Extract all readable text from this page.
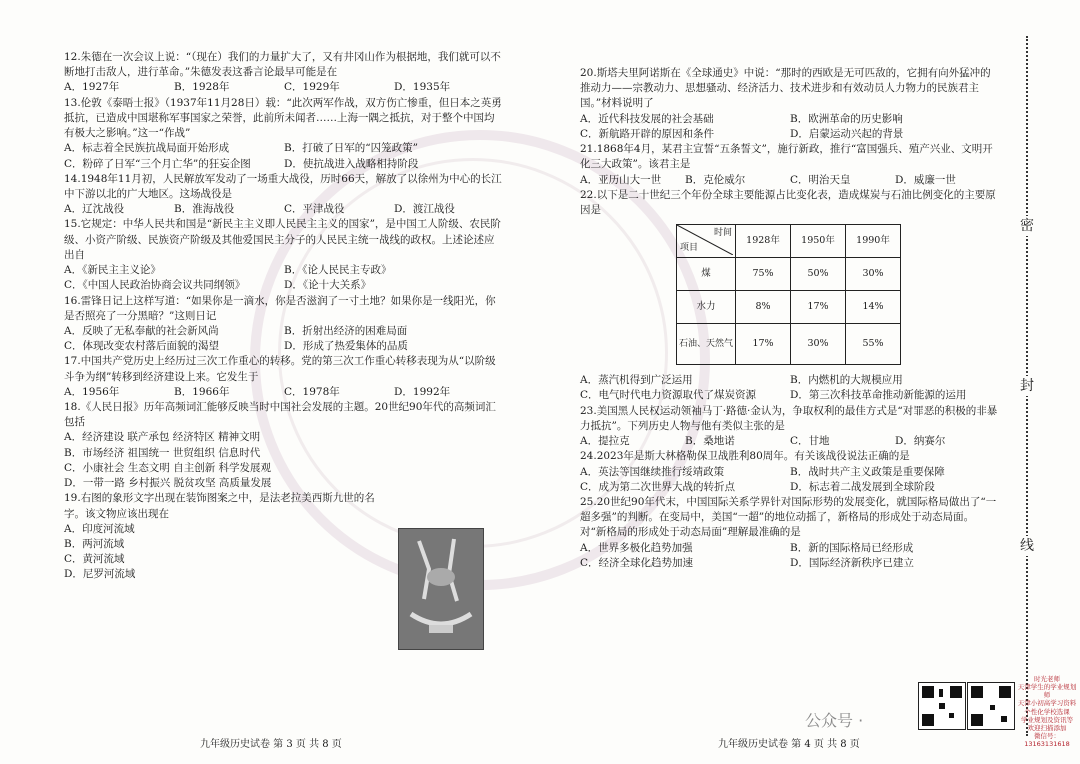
12.朱德在一次会议上说：“（现在）我们的力量扩大了，又有井冈山作为根据地，我们就可以不断地打击敌人，进行革命。”朱德发表这番言论最早可能是在

A．1927年	B．1928年	C．1929年	D．1935年

13.伦敦《泰晤士报》（1937年11月28日）载：“此次两军作战，双方伤亡惨重，但日本之英勇抵抗，已造成中国堪称军事国家之荣誉，此前所未闻者……上海一隅之抵抗，对于整个中国均有极大之影响。”这一“作战”

A．标志着全民族抗战局面开始形成	B．打破了日军的“囚笼政策”
C．粉碎了日军“三个月亡华”的狂妄企图	D．使抗战进入战略相持阶段

14.1948年11月初，人民解放军发动了一场重大战役，历时66天，解放了以徐州为中心的长江中下游以北的广大地区。这场战役是

A．辽沈战役	B．淮海战役	C．平津战役	D．渡江战役

15.它规定：中华人民共和国是“新民主主义即人民民主主义的国家”，是中国工人阶级、农民阶级、小资产阶级、民族资产阶级及其他爱国民主分子的人民民主统一战线的政权。上述论述应出自

A．《新民主主义论》	B．《论人民民主专政》
C．《中国人民政治协商会议共同纲领》	D．《论十大关系》

16.雷锋日记上这样写道：“如果你是一滴水，你是否滋润了一寸土地？如果你是一线阳光，你是否照亮了一分黑暗？”这则日记

A．反映了无私奉献的社会新风尚	B．折射出经济的困难局面
C．体现改变农村落后面貌的渴望	D．形成了热爱集体的品质

17.中国共产党历史上经历过三次工作重心的转移。党的第三次工作重心转移表现为从“以阶级斗争为纲”转移到经济建设上来。它发生于

A．1956年	B．1966年	C．1978年	D．1992年

18.《人民日报》历年高频词汇能够反映当时中国社会发展的主题。20世纪90年代的高频词汇包括

A．经济建设 联产承包 经济特区 精神文明
B．市场经济 祖国统一 世贸组织 信息时代
C．小康社会 生态文明 自主创新 科学发展观
D．一带一路 乡村振兴 脱贫攻坚 高质量发展

19.右图的象形文字出现在装饰图案之中，是法老拉美西斯九世的名字。该文物应该出现在

A．印度河流域
B．两河流域
C．黄河流域
D．尼罗河流域

20.斯塔夫里阿诺斯在《全球通史》中说：“那时的西欧是无可匹敌的，它拥有向外猛冲的推动力——宗教动力、思想骚动、经济活力、技术进步和有效动员人力物力的民族君主国。”材料说明了

A．近代科技发展的社会基础	B．欧洲革命的历史影响
C．新航路开辟的原因和条件	D．启蒙运动兴起的背景

21.1868年4月，某君主宣誓“五条誓文”，施行新政，推行“富国强兵、殖产兴业、文明开化三大政策”。该君主是

A．亚历山大一世	B．克伦威尔	C．明治天皇	D．威廉一世

22.以下是二十世纪三个年份全球主要能源占比变化表，造成煤炭与石油比例变化的主要原因是

时间
项目	1928年	1950年	1990年
煤	75%	50%	30%
水力	8%	17%	14%
石油、天然气	17%	30%	55%
A．蒸汽机得到广泛运用	B．内燃机的大规模应用
C．电气时代电力资源取代了煤炭资源	D．第三次科技革命推动新能源的运用

23.美国黑人民权运动领袖马丁·路德·金认为，争取权利的最佳方式是“对罪恶的积极的非暴力抵抗”。下列历史人物与他有类似主张的是

A．提拉克	B．桑地诺	C．甘地	D．纳赛尔

24.2023年是斯大林格勒保卫战胜利80周年。有关该战役说法正确的是

A．英法等国继续推行绥靖政策	B．战时共产主义政策是重要保障
C．成为第二次世界大战的转折点	D．标志着二战发展到全球阶段

25.20世纪90年代末，中国国际关系学界针对国际形势的发展变化，就国际格局做出了“一超多强”的判断。在变局中，美国“一超”的地位动摇了，新格局的形成处于动态局面。对“新格局的形成处于动态局面”理解最准确的是

A．世界多极化趋势加强	B．新的国际格局已经形成
C．经济全球化趋势加速	D．国际经济新秩序已建立
密
封
线
九年级历史试卷 第 3 页 共 8 页	九年级历史试卷 第 4 页 共 8 页
公众号 ·
时光老师
天津学生的学业规划师
天津小初高学习资料
个性化学校选课
学业规划及资讯等
欢迎扫描添加
微信号：13163131618
